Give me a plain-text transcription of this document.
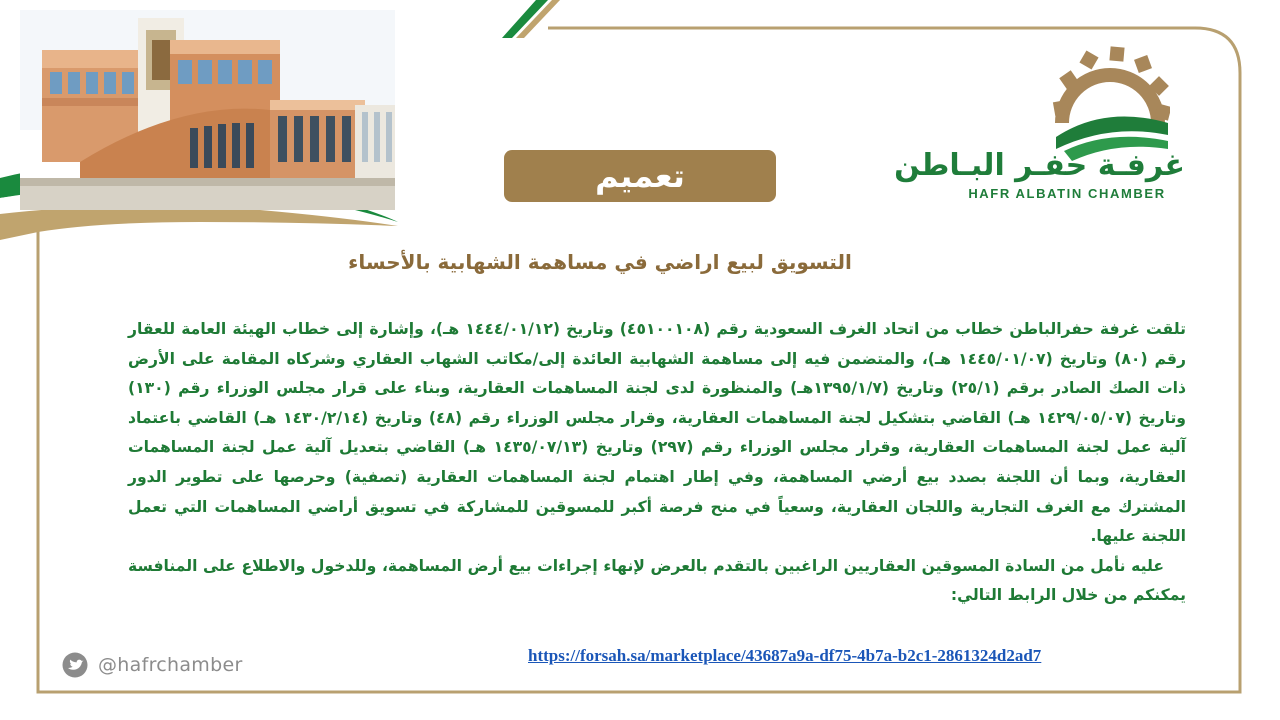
غرفـة حفـر البـاطن
HAFR ALBATIN CHAMBER
تعميم
التسويق لبيع اراضي في مساهمة الشهابية بالأحساء

تلقت غرفة حفرالباطن خطاب من اتحاد الغرف السعودية رقم (٤٥١٠٠١٠٨) وتاريخ (١٤٤٤/٠١/١٢ هـ)، وإشارة إلى خطاب الهيئة العامة للعقار رقم (٨٠) وتاريخ (١٤٤٥/٠١/٠٧ هـ)، والمتضمن فيه إلى مساهمة الشهابية العائدة إلى/مكاتب الشهاب العقاري وشركاه المقامة على الأرض ذات الصك الصادر برقم (٢٥/١) وتاريخ (١٣٩٥/١/٧هـ) والمنظورة لدى لجنة المساهمات العقارية، وبناء على قرار مجلس الوزراء رقم (١٣٠) وتاريخ (١٤٢٩/٠٥/٠٧ هـ) القاضي بتشكيل لجنة المساهمات العقارية، وقرار مجلس الوزراء رقم (٤٨) وتاريخ (١٤٣٠/٢/١٤ هـ) القاضي باعتماد آلية عمل لجنة المساهمات العقارية، وقرار مجلس الوزراء رقم (٢٩٧) وتاريخ (١٤٣٥/٠٧/١٣ هـ) القاضي بتعديل آلية عمل لجنة المساهمات العقارية، وبما أن اللجنة بصدد بيع أرضي المساهمة، وفي إطار اهتمام لجنة المساهمات العقارية (تصفية) وحرصها على تطوير الدور المشترك مع الغرف التجارية واللجان العقارية، وسعياً في منح فرصة أكبر للمسوقين للمشاركة في تسويق أراضي المساهمات التي تعمل اللجنة عليها.

عليه نأمل من السادة المسوقين العقاريين الراغبين بالتقدم بالعرض لإنهاء إجراءات بيع أرض المساهمة، وللدخول والاطلاع على المنافسة يمكنكم من خلال الرابط التالي:

https://forsah.sa/marketplace/43687a9a-df75-4b7a-b2c1-2861324d2ad7
@hafrchamber
